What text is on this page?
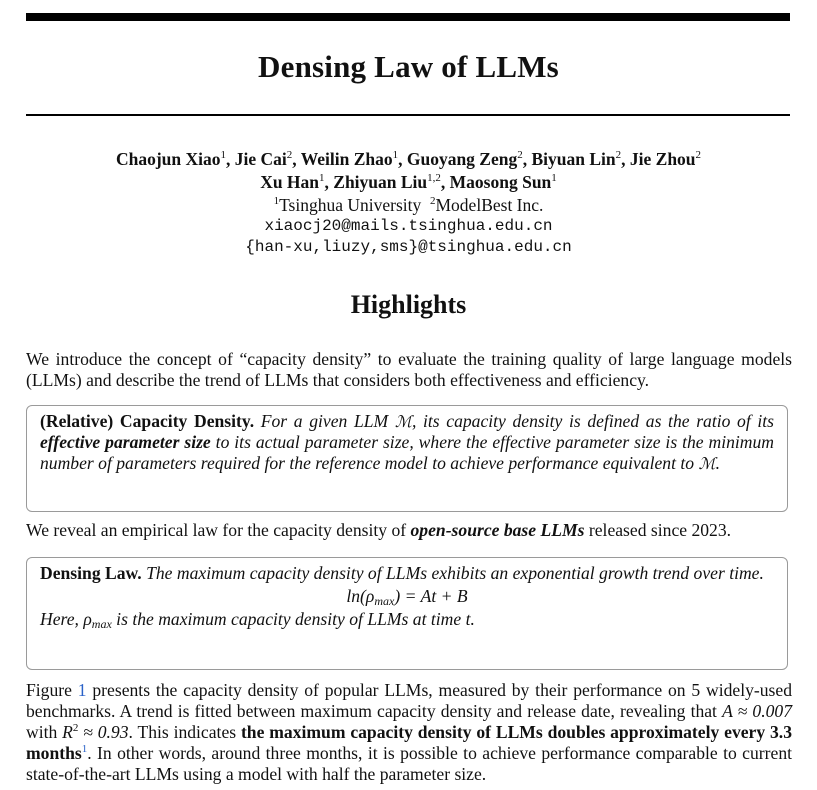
Densing Law of LLMs
Chaojun Xiao$^1$, Jie Cai$^2$, Weilin Zhao$^1$, Guoyang Zeng$^2$, Biyuan Lin$^2$, Jie Zhou$^2$
Xu Han$^1$, Zhiyuan Liu$^{1,2}$, Maosong Sun$^1$
$^1$Tsinghua University $^2$ModelBest Inc.
xiaocj20@mails.tsinghua.edu.cn
{han-xu,liuzy,sms}@tsinghua.edu.cn
Highlights
We introduce the concept of “capacity density” to evaluate the training quality of large language models (LLMs) and describe the trend of LLMs that considers both effectiveness and efficiency.
(Relative) Capacity Density. For a given LLM ℳ, its capacity density is defined as the ratio of its effective parameter size to its actual parameter size, where the effective parameter size is the minimum number of parameters required for the reference model to achieve performance equivalent to ℳ.
We reveal an empirical law for the capacity density of open-source base LLMs released since 2023.
Densing Law. The maximum capacity density of LLMs exhibits an exponential growth trend over time.
$\ln(\rho_{max}) = At + B$
Here, $\rho_{max}$ is the maximum capacity density of LLMs at time t.
Figure 1 presents the capacity density of popular LLMs, measured by their performance on 5 widely-used benchmarks. A trend is fitted between maximum capacity density and release date, revealing that A ≈ 0.007 with $R^2 \approx 0.93$. This indicates the maximum capacity density of LLMs doubles approximately every 3.3 months$^1$. In other words, around three months, it is possible to achieve performance comparable to current state-of-the-art LLMs using a model with half the parameter size.
